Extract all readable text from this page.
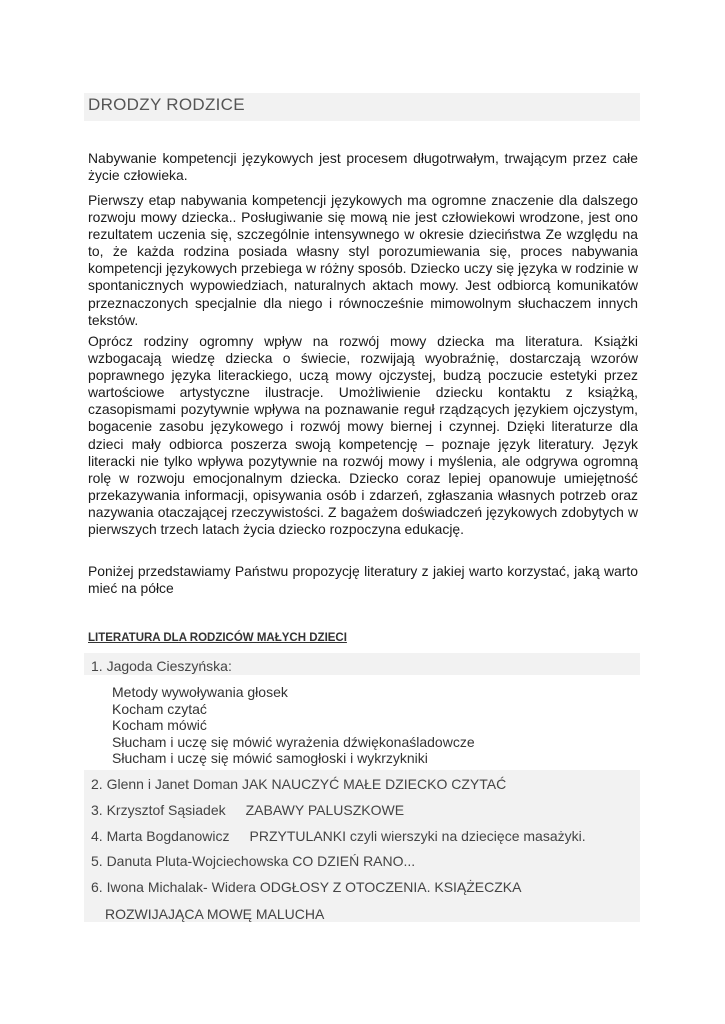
DRODZY RODZICE

Nabywanie kompetencji językowych jest procesem długotrwałym, trwającym przez całe życie człowieka.

Pierwszy etap nabywania kompetencji językowych ma ogromne znaczenie dla dalszego rozwoju mowy dziecka.. Posługiwanie się mową nie jest człowiekowi wrodzone, jest ono rezultatem uczenia się, szczególnie intensywnego w okresie dzieciństwa Ze względu na to, że każda rodzina posiada własny styl porozumiewania się, proces nabywania kompetencji językowych przebiega w różny sposób. Dziecko uczy się języka w rodzinie w spontanicznych wypowiedziach, naturalnych aktach mowy. Jest odbiorcą komunikatów przeznaczonych specjalnie dla niego i równocześnie mimowolnym słuchaczem innych tekstów.

Oprócz rodziny ogromny wpływ na rozwój mowy dziecka ma literatura. Książki wzbogacają wiedzę dziecka o świecie, rozwijają wyobraźnię, dostarczają wzorów poprawnego języka literackiego, uczą mowy ojczystej, budzą poczucie estetyki przez wartościowe artystyczne ilustracje. Umożliwienie dziecku kontaktu z książką, czasopismami pozytywnie wpływa na poznawanie reguł rządzących językiem ojczystym, bogacenie zasobu językowego i rozwój mowy biernej i czynnej. Dzięki literaturze dla dzieci mały odbiorca poszerza swoją kompetencję – poznaje język literatury. Język literacki nie tylko wpływa pozytywnie na rozwój mowy i myślenia, ale odgrywa ogromną rolę w rozwoju emocjonalnym dziecka. Dziecko coraz lepiej opanowuje umiejętność przekazywania informacji, opisywania osób i zdarzeń, zgłaszania własnych potrzeb oraz nazywania otaczającej rzeczywistości. Z bagażem doświadczeń językowych zdobytych w pierwszych trzech latach życia dziecko rozpoczyna edukację.

Poniżej przedstawiamy Państwu propozycję literatury z jakiej warto korzystać, jaką warto mieć na półce

LITERATURA DLA RODZICÓW MAŁYCH DZIECI

1. Jagoda Cieszyńska:

Metody wywoływania głosek
Kocham czytać
Kocham mówić
Słucham i uczę się mówić wyrażenia dźwiękonaśladowcze
Słucham i uczę się mówić samogłoski i wykrzykniki

2. Glenn i Janet Doman JAK NAUCZYĆ MAŁE DZIECKO CZYTAĆ

3. Krzysztof Sąsiadek ZABAWY PALUSZKOWE

4. Marta Bogdanowicz PRZYTULANKI czyli wierszyki na dziecięce masażyki.

5. Danuta Pluta-Wojciechowska CO DZIEŃ RANO...

6. Iwona Michalak- Widera ODGŁOSY Z OTOCZENIA. KSIĄŻECZKA

ROZWIJAJĄCA MOWĘ MALUCHA
